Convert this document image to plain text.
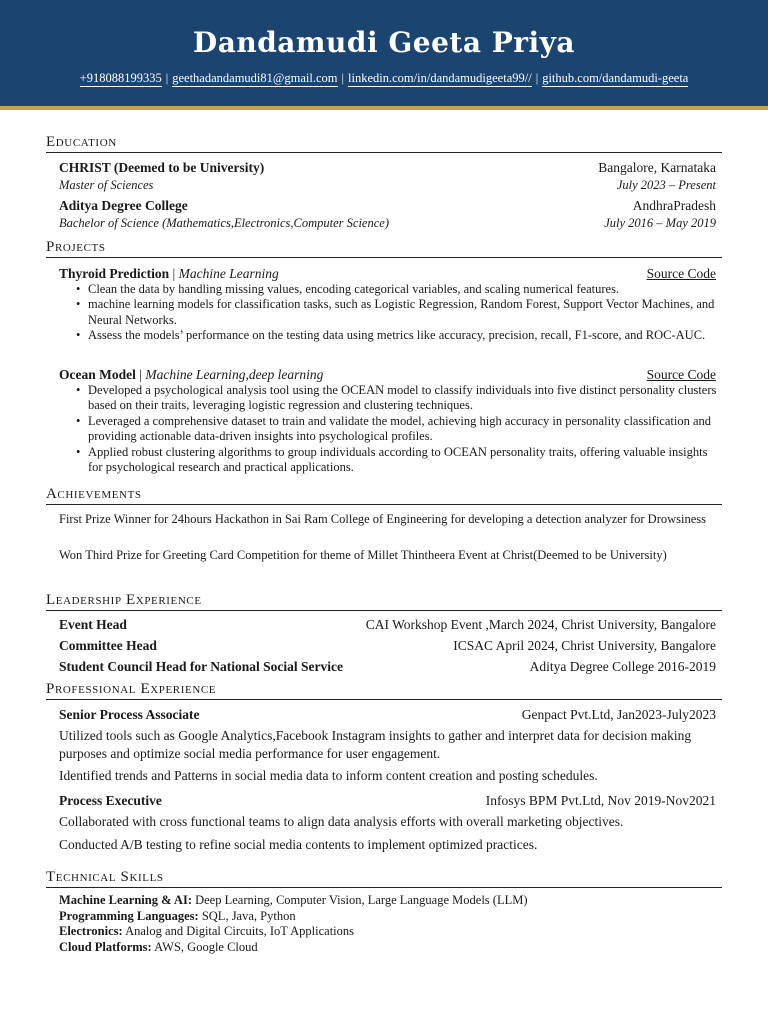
Dandamudi Geeta Priya
+918088199335 | geethadandamudi81@gmail.com | linkedin.com/in/dandamudigeeta99// | github.com/dandamudi-geeta
Education
CHRIST (Deemed to be University)	Bangalore, Karnataka
Master of Sciences	July 2023 – Present
Aditya Degree College	AndhraPradesh
Bachelor of Science (Mathematics,Electronics,Computer Science)	July 2016 – May 2019
Projects
Thyroid Prediction | Machine Learning	Source Code
• Clean the data by handling missing values, encoding categorical variables, and scaling numerical features.
• machine learning models for classification tasks, such as Logistic Regression, Random Forest, Support Vector Machines, and Neural Networks.
• Assess the models’ performance on the testing data using metrics like accuracy, precision, recall, F1-score, and ROC-AUC.
Ocean Model | Machine Learning,deep learning	Source Code
• Developed a psychological analysis tool using the OCEAN model to classify individuals into five distinct personality clusters based on their traits, leveraging logistic regression and clustering techniques.
• Leveraged a comprehensive dataset to train and validate the model, achieving high accuracy in personality classification and providing actionable data-driven insights into psychological profiles.
• Applied robust clustering algorithms to group individuals according to OCEAN personality traits, offering valuable insights for psychological research and practical applications.
Achievements
First Prize Winner for 24hours Hackathon in Sai Ram College of Engineering for developing a detection analyzer for Drowsiness
Won Third Prize for Greeting Card Competition for theme of Millet Thintheera Event at Christ(Deemed to be University)
Leadership Experience
Event Head	CAI Workshop Event ,March 2024, Christ University, Bangalore
Committee Head	ICSAC April 2024, Christ University, Bangalore
Student Council Head for National Social Service	Aditya Degree College 2016-2019
Professional Experience
Senior Process Associate	Genpact Pvt.Ltd, Jan2023-July2023
Utilized tools such as Google Analytics,Facebook Instagram insights to gather and interpret data for decision making purposes and optimize social media performance for user engagement.
Identified trends and Patterns in social media data to inform content creation and posting schedules.
Process Executive	Infosys BPM Pvt.Ltd, Nov 2019-Nov2021
Collaborated with cross functional teams to align data analysis efforts with overall marketing objectives.
Conducted A/B testing to refine social media contents to implement optimized practices.
Technical Skills
Machine Learning & AI: Deep Learning, Computer Vision, Large Language Models (LLM)
Programming Languages: SQL, Java, Python
Electronics: Analog and Digital Circuits, IoT Applications
Cloud Platforms: AWS, Google Cloud
